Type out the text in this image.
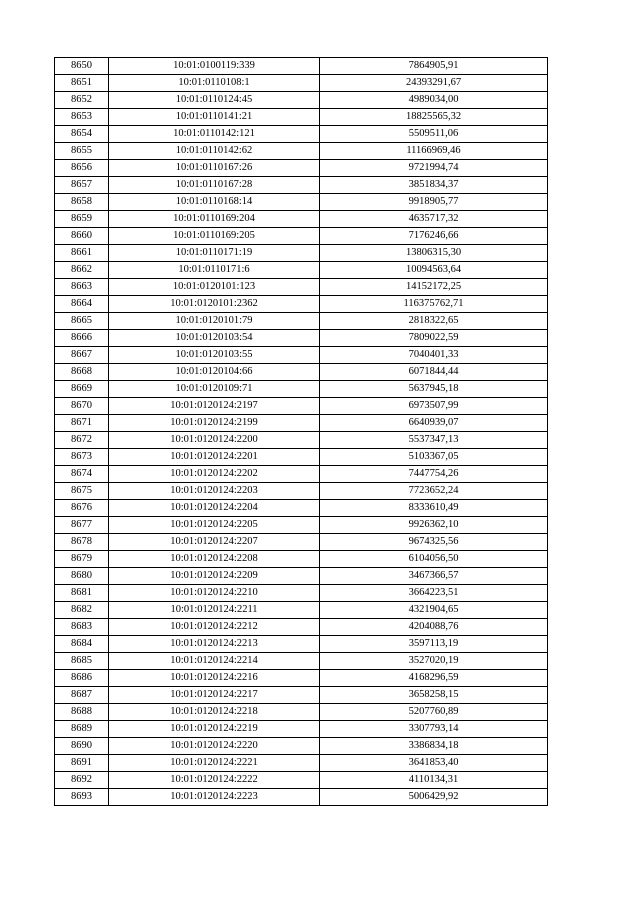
8650	10:01:0100119:339	7864905,91
8651	10:01:0110108:1	24393291,67
8652	10:01:0110124:45	4989034,00
8653	10:01:0110141:21	18825565,32
8654	10:01:0110142:121	5509511,06
8655	10:01:0110142:62	11166969,46
8656	10:01:0110167:26	9721994,74
8657	10:01:0110167:28	3851834,37
8658	10:01:0110168:14	9918905,77
8659	10:01:0110169:204	4635717,32
8660	10:01:0110169:205	7176246,66
8661	10:01:0110171:19	13806315,30
8662	10:01:0110171:6	10094563,64
8663	10:01:0120101:123	14152172,25
8664	10:01:0120101:2362	116375762,71
8665	10:01:0120101:79	2818322,65
8666	10:01:0120103:54	7809022,59
8667	10:01:0120103:55	7040401,33
8668	10:01:0120104:66	6071844,44
8669	10:01:0120109:71	5637945,18
8670	10:01:0120124:2197	6973507,99
8671	10:01:0120124:2199	6640939,07
8672	10:01:0120124:2200	5537347,13
8673	10:01:0120124:2201	5103367,05
8674	10:01:0120124:2202	7447754,26
8675	10:01:0120124:2203	7723652,24
8676	10:01:0120124:2204	8333610,49
8677	10:01:0120124:2205	9926362,10
8678	10:01:0120124:2207	9674325,56
8679	10:01:0120124:2208	6104056,50
8680	10:01:0120124:2209	3467366,57
8681	10:01:0120124:2210	3664223,51
8682	10:01:0120124:2211	4321904,65
8683	10:01:0120124:2212	4204088,76
8684	10:01:0120124:2213	3597113,19
8685	10:01:0120124:2214	3527020,19
8686	10:01:0120124:2216	4168296,59
8687	10:01:0120124:2217	3658258,15
8688	10:01:0120124:2218	5207760,89
8689	10:01:0120124:2219	3307793,14
8690	10:01:0120124:2220	3386834,18
8691	10:01:0120124:2221	3641853,40
8692	10:01:0120124:2222	4110134,31
8693	10:01:0120124:2223	5006429,92
